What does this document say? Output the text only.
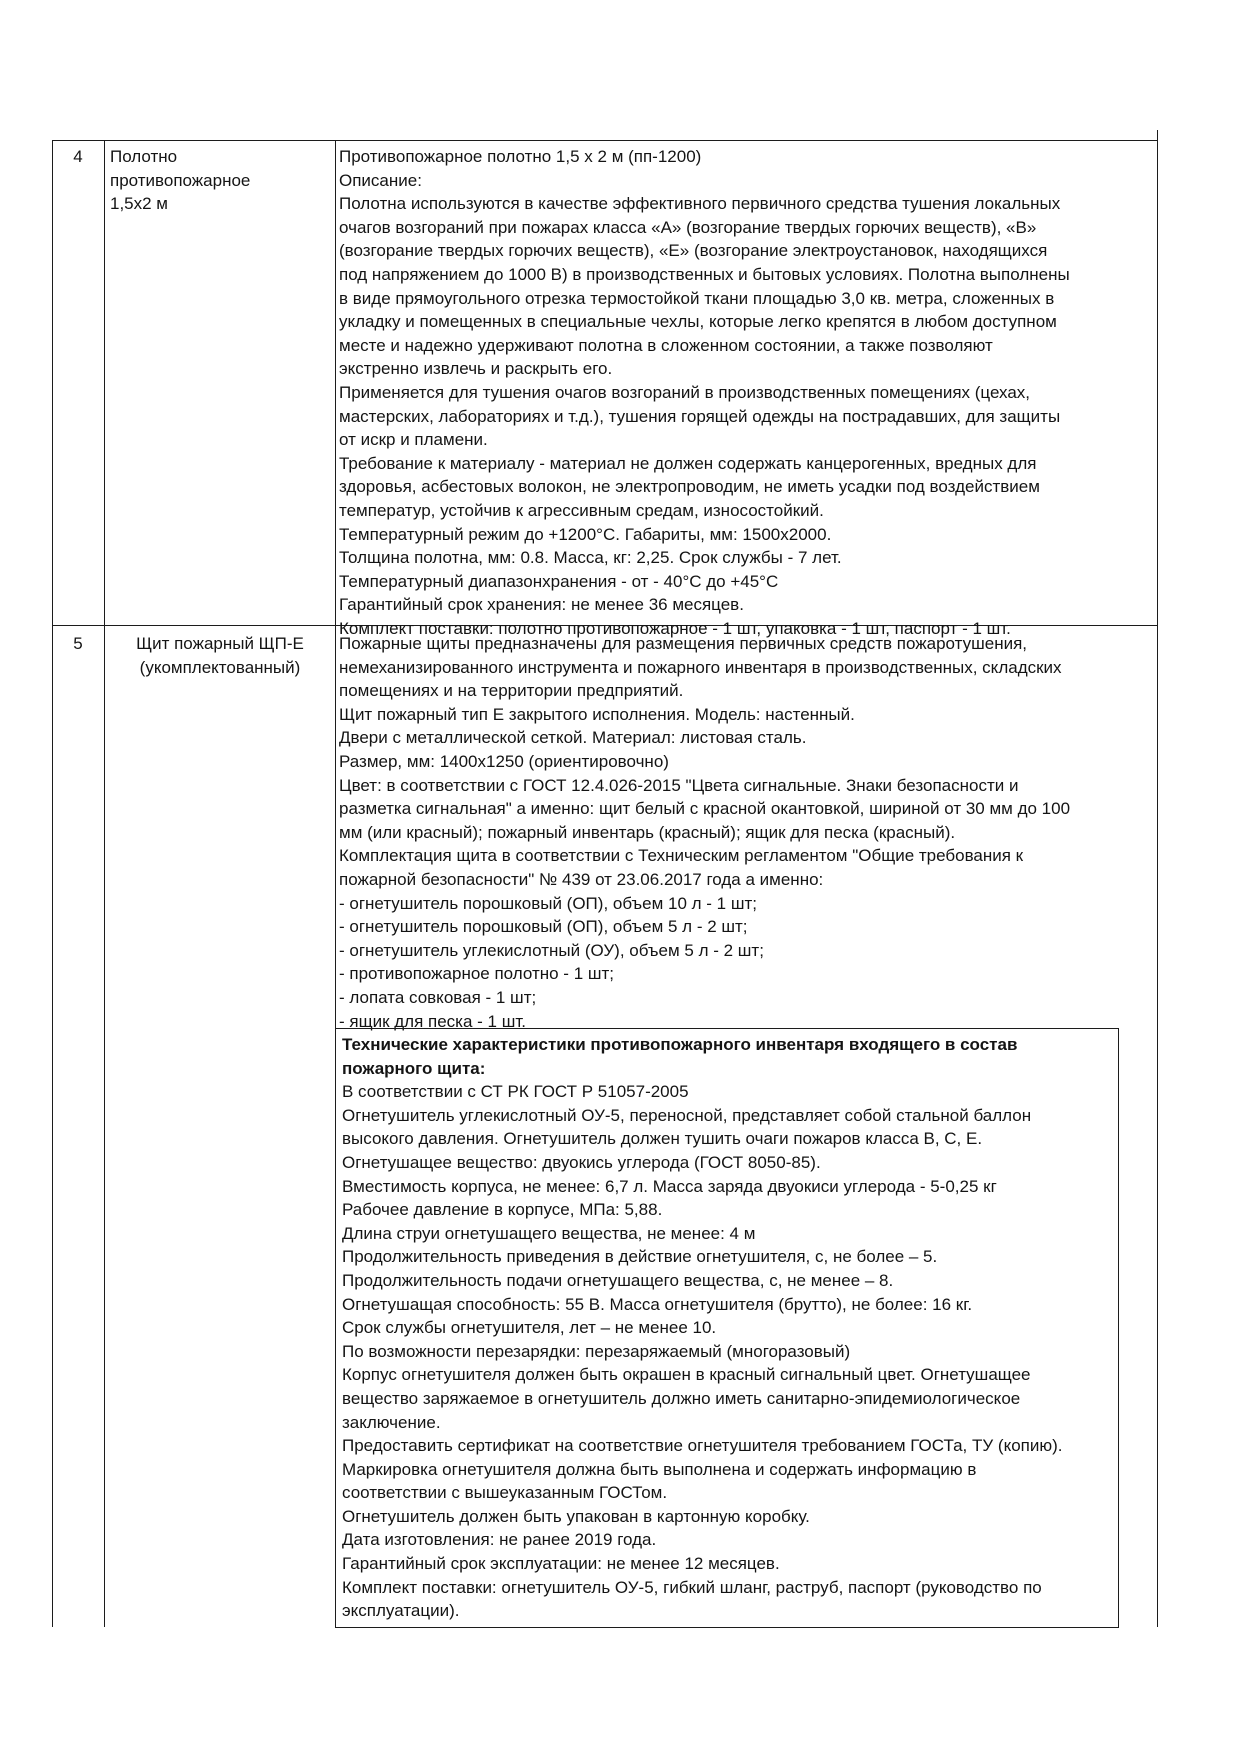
4	Полотно
противопожарное
1,5х2 м
Противопожарное полотно 1,5 х 2 м (пп-1200)
Описание:
Полотна используются в качестве эффективного первичного средства тушения локальных
очагов возгораний при пожарах класса «А» (возгорание твердых горючих веществ), «В»
(возгорание твердых горючих веществ), «Е» (возгорание электроустановок, находящихся
под напряжением до 1000 В) в производственных и бытовых условиях. Полотна выполнены
в виде прямоугольного отрезка термостойкой ткани площадью 3,0 кв. метра, сложенных в
укладку и помещенных в специальные чехлы, которые легко крепятся в любом доступном
месте и надежно удерживают полотна в сложенном состоянии, а также позволяют
экстренно извлечь и раскрыть его.
Применяется для тушения очагов возгораний в производственных помещениях (цехах,
мастерских, лабораториях и т.д.), тушения горящей одежды на пострадавших, для защиты
от искр и пламени.
Требование к материалу - материал не должен содержать канцерогенных, вредных для
здоровья, асбестовых волокон, не электропроводим, не иметь усадки под воздействием
температур, устойчив к агрессивным средам, износостойкий.
Температурный режим до +1200°С. Габариты, мм: 1500х2000.
Толщина полотна, мм: 0.8. Масса, кг: 2,25. Срок службы - 7 лет.
Температурный диапазонхранения - от - 40°С до +45°С
Гарантийный срок хранения: не менее 36 месяцев.
Комплект поставки: полотно противопожарное - 1 шт, упаковка - 1 шт, паспорт - 1 шт.
5	Щит пожарный ЩП-Е
(укомплектованный)
Пожарные щиты предназначены для размещения первичных средств пожаротушения,
немеханизированного инструмента и пожарного инвентаря в производственных, складских
помещениях и на территории предприятий.
Щит пожарный тип Е закрытого исполнения. Модель: настенный.
Двери с металлической сеткой. Материал: листовая сталь.
Размер, мм: 1400х1250 (ориентировочно)
Цвет: в соответствии с ГОСТ 12.4.026-2015 "Цвета сигнальные. Знаки безопасности и
разметка сигнальная" а именно: щит белый с красной окантовкой, шириной от 30 мм до 100
мм (или красный); пожарный инвентарь (красный); ящик для песка (красный).
Комплектация щита в соответствии с Техническим регламентом "Общие требования к
пожарной безопасности" № 439 от 23.06.2017 года а именно:
- огнетушитель порошковый (ОП), объем 10 л - 1 шт;
- огнетушитель порошковый (ОП), объем 5 л - 2 шт;
- огнетушитель углекислотный (ОУ), объем 5 л - 2 шт;
- противопожарное полотно - 1 шт;
- лопата совковая - 1 шт;
- ящик для песка - 1 шт.
Технические характеристики противопожарного инвентаря входящего в состав
пожарного щита:
В соответствии с СТ РК ГОСТ Р 51057-2005
Огнетушитель углекислотный ОУ-5, переносной, представляет собой стальной баллон
высокого давления. Огнетушитель должен тушить очаги пожаров класса В, С, Е.
Огнетушащее вещество: двуокись углерода (ГОСТ 8050-85).
Вместимость корпуса, не менее: 6,7 л. Масса заряда двуокиси углерода - 5-0,25 кг
Рабочее давление в корпусе, МПа: 5,88.
Длина струи огнетушащего вещества, не менее: 4 м
Продолжительность приведения в действие огнетушителя, с, не более – 5.
Продолжительность подачи огнетушащего вещества, с, не менее – 8.
Огнетушащая способность: 55 В. Масса огнетушителя (брутто), не более: 16 кг.
Срок службы огнетушителя, лет – не менее 10.
По возможности перезарядки: перезаряжаемый (многоразовый)
Корпус огнетушителя должен быть окрашен в красный сигнальный цвет. Огнетушащее
вещество заряжаемое в огнетушитель должно иметь санитарно-эпидемиологическое
заключение.
Предоставить сертификат на соответствие огнетушителя требованием ГОСТа, ТУ (копию).
Маркировка огнетушителя должна быть выполнена и содержать информацию в
соответствии с вышеуказанным ГОСТом.
Огнетушитель должен быть упакован в картонную коробку.
Дата изготовления: не ранее 2019 года.
Гарантийный срок эксплуатации: не менее 12 месяцев.
Комплект поставки: огнетушитель ОУ-5, гибкий шланг, раструб, паспорт (руководство по
эксплуатации).
